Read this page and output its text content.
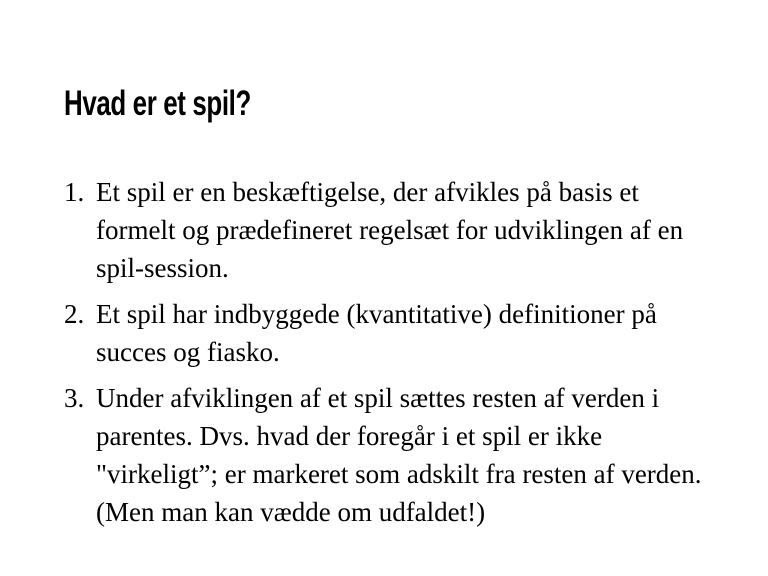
Hvad er et spil?
1. Et spil er en beskæftigelse, der afvikles på basis et formelt og prædefineret regelsæt for udviklingen af en spil-session.

2. Et spil har indbyggede (kvantitative) definitioner på succes og fiasko.

3. Under afviklingen af et spil sættes resten af verden i parentes. Dvs. hvad der foregår i et spil er ikke "virkeligt”; er markeret som adskilt fra resten af verden. (Men man kan vædde om udfaldet!)
